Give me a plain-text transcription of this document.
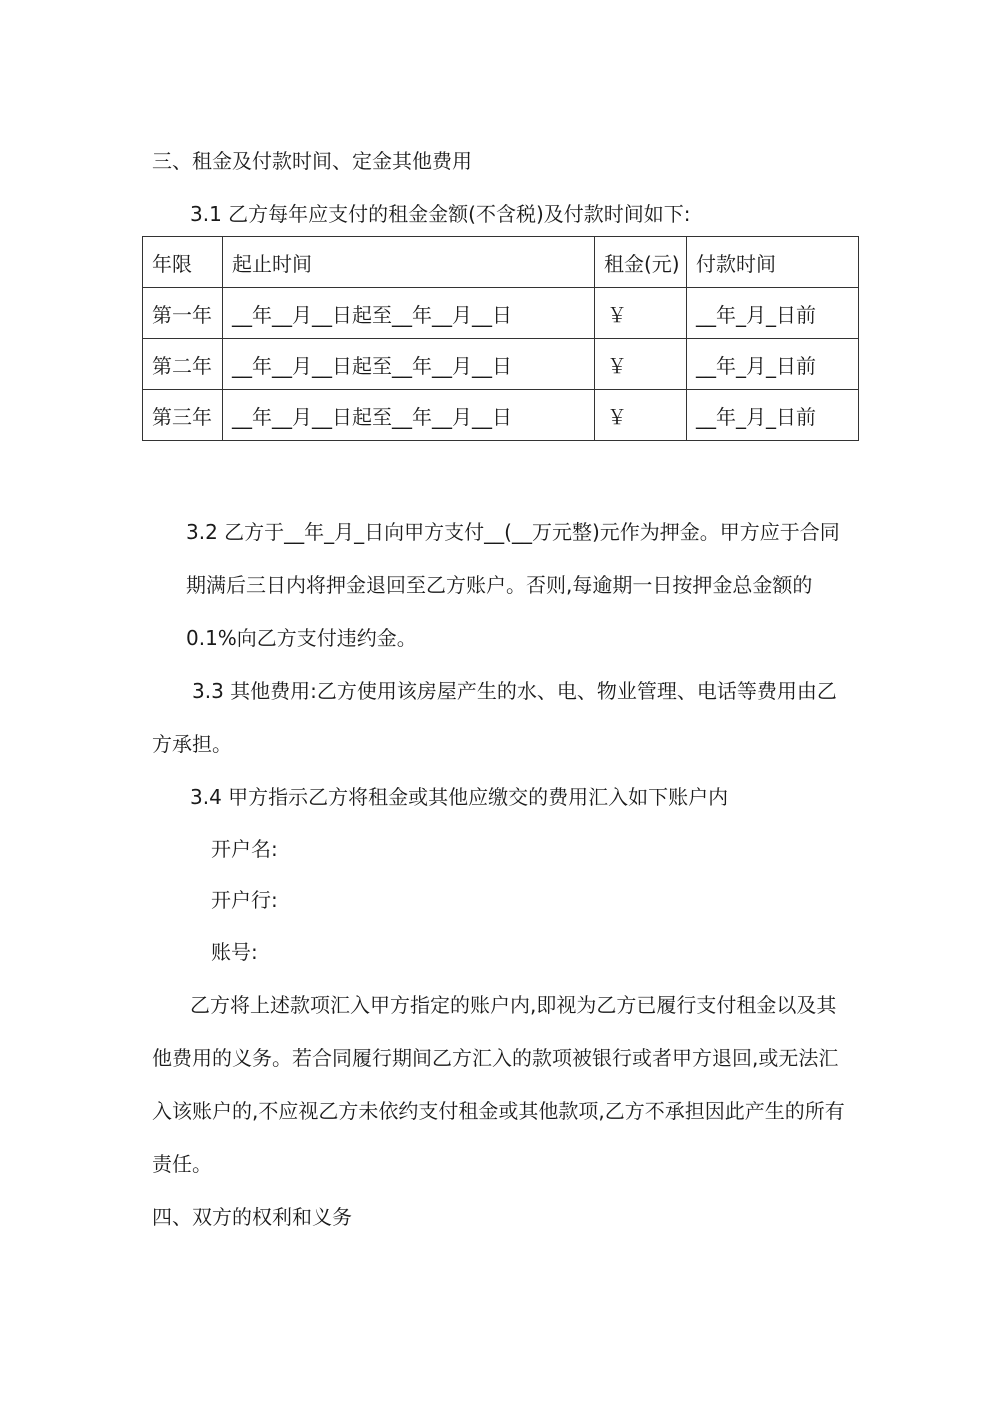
三、租金及付款时间、定金其他费用
3.1 乙方每年应支付的租金金额(不含税)及付款时间如下:
年限	起止时间	租金(元)	付款时间
第一年	__年__月__日起至__年__月__日	￥	__年_月_日前
第二年	__年__月__日起至__年__月__日	￥	__年_月_日前
第三年	__年__月__日起至__年__月__日	￥	__年_月_日前
3.2 乙方于__年_月_日向甲方支付__(__万元整)元作为押金。甲方应于合同
期满后三日内将押金退回至乙方账户。否则,每逾期一日按押金总金额的
0.1%向乙方支付违约金。
3.3 其他费用:乙方使用该房屋产生的水、电、物业管理、电话等费用由乙
方承担。
3.4 甲方指示乙方将租金或其他应缴交的费用汇入如下账户内
开户名:
开户行:
账号:
乙方将上述款项汇入甲方指定的账户内,即视为乙方已履行支付租金以及其
他费用的义务。若合同履行期间乙方汇入的款项被银行或者甲方退回,或无法汇
入该账户的,不应视乙方未依约支付租金或其他款项,乙方不承担因此产生的所有
责任。
四、双方的权利和义务
